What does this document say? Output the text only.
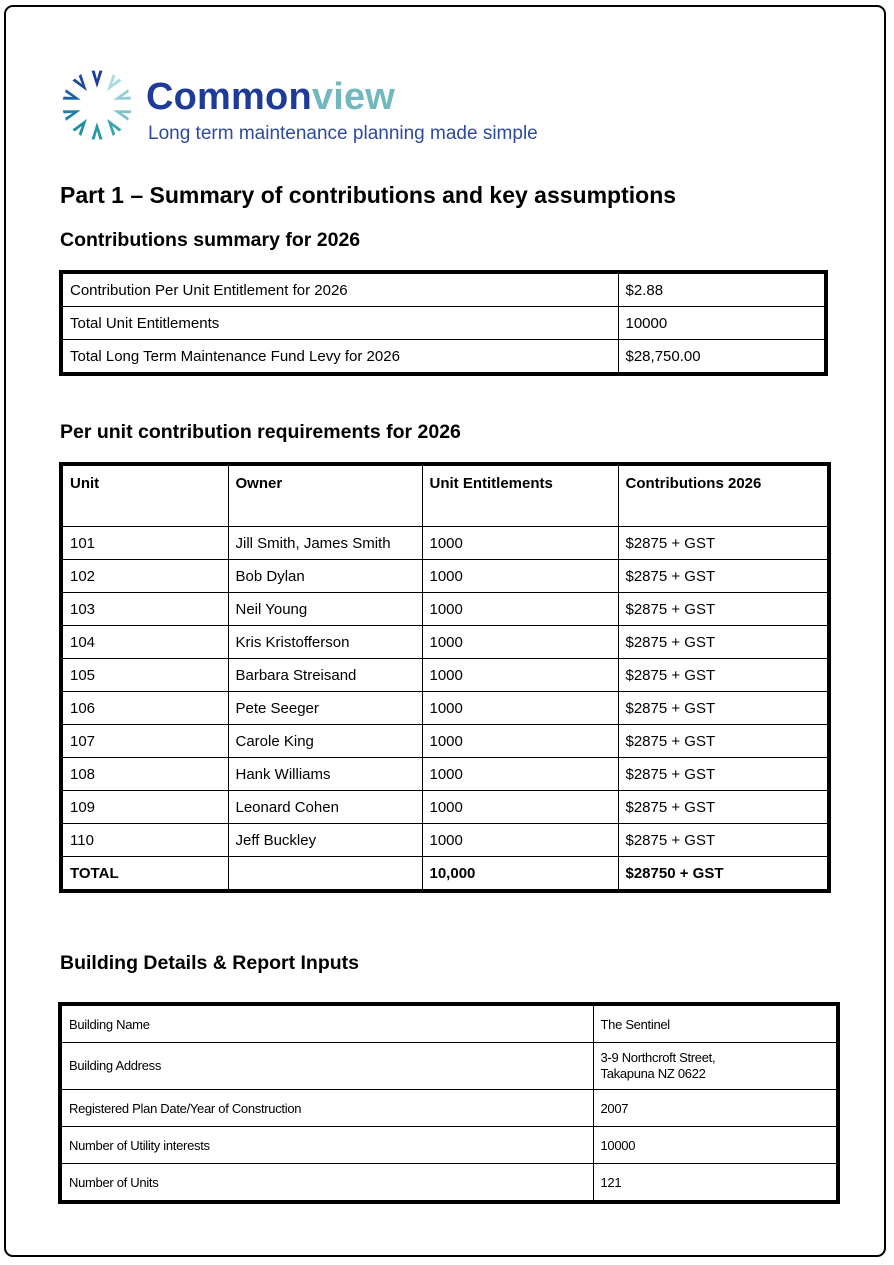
Commonview
Long term maintenance planning made simple
Part 1 – Summary of contributions and key assumptions
Contributions summary for 2026
Contribution Per Unit Entitlement for 2026	$2.88
Total Unit Entitlements	10000
Total Long Term Maintenance Fund Levy for 2026	$28,750.00
Per unit contribution requirements for 2026
Unit	Owner	Unit Entitlements	Contributions 2026
101	Jill Smith, James Smith	1000	$2875 + GST
102	Bob Dylan	1000	$2875 + GST
103	Neil Young	1000	$2875 + GST
104	Kris Kristofferson	1000	$2875 + GST
105	Barbara Streisand	1000	$2875 + GST
106	Pete Seeger	1000	$2875 + GST
107	Carole King	1000	$2875 + GST
108	Hank Williams	1000	$2875 + GST
109	Leonard Cohen	1000	$2875 + GST
110	Jeff Buckley	1000	$2875 + GST
TOTAL		10,000	$28750 + GST
Building Details & Report Inputs
Building Name	The Sentinel
Building Address	3-9 Northcroft Street,
Takapuna NZ 0622
Registered Plan Date/Year of Construction	2007
Number of Utility interests	10000
Number of Units	121
